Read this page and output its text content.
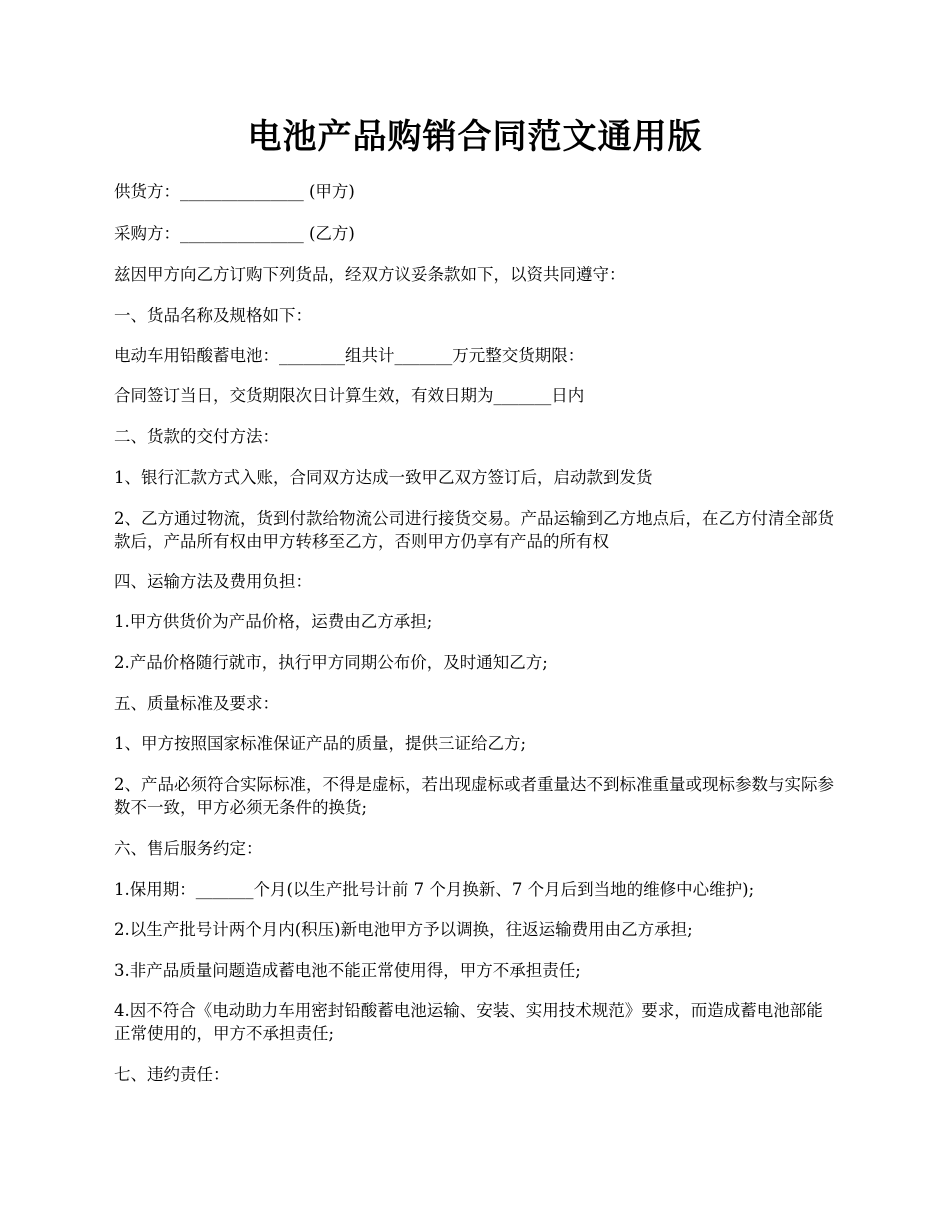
电池产品购销合同范文通用版

供货方：_______________ (甲方)

采购方：_______________ (乙方)

兹因甲方向乙方订购下列货品，经双方议妥条款如下，以资共同遵守：

一、货品名称及规格如下：

电动车用铅酸蓄电池：________组共计_______万元整交货期限：

合同签订当日，交货期限次日计算生效，有效日期为_______日内

二、货款的交付方法：

1、银行汇款方式入账，合同双方达成一致甲乙双方签订后，启动款到发货

2、乙方通过物流，货到付款给物流公司进行接货交易。产品运输到乙方地点后，在乙方付清全部货款后，产品所有权由甲方转移至乙方，否则甲方仍享有产品的所有权

四、运输方法及费用负担：

1.甲方供货价为产品价格，运费由乙方承担;

2.产品价格随行就市，执行甲方同期公布价，及时通知乙方;

五、质量标准及要求：

1、甲方按照国家标准保证产品的质量，提供三证给乙方;

2、产品必须符合实际标准，不得是虚标，若出现虚标或者重量达不到标准重量或现标参数与实际参数不一致，甲方必须无条件的换货;

六、售后服务约定：

1.保用期：_______个月(以生产批号计前 7 个月换新、7 个月后到当地的维修中心维护);

2.以生产批号计两个月内(积压)新电池甲方予以调换，往返运输费用由乙方承担;

3.非产品质量问题造成蓄电池不能正常使用得，甲方不承担责任;

4.因不符合《电动助力车用密封铅酸蓄电池运输、安装、实用技术规范》要求，而造成蓄电池部能正常使用的，甲方不承担责任;

七、违约责任：
